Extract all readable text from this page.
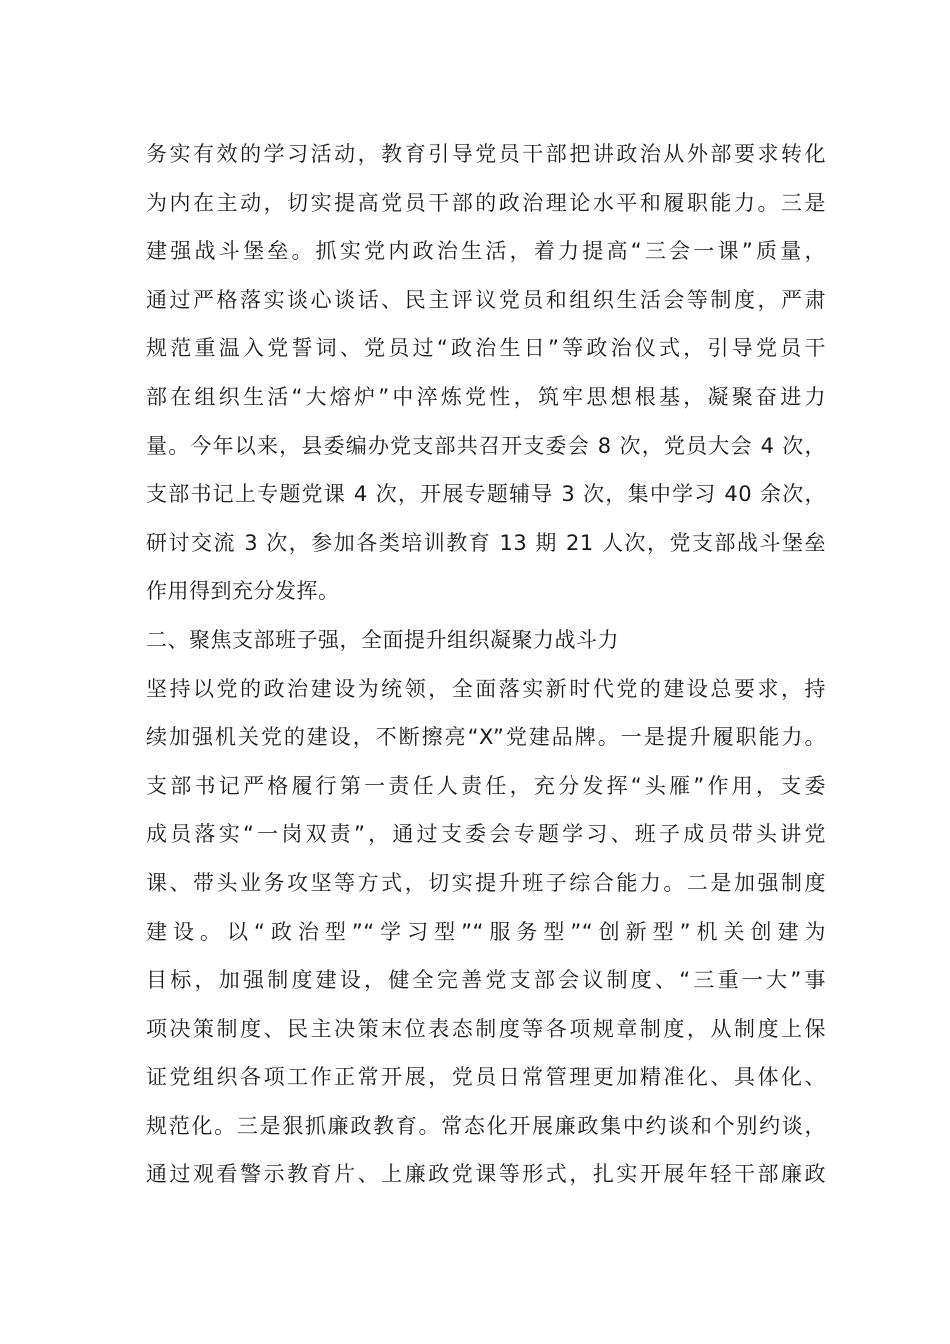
务实有效的学习活动，教育引导党员干部把讲政治从外部要求转化
为内在主动，切实提高党员干部的政治理论水平和履职能力。三是
建强战斗堡垒。抓实党内政治生活，着力提高“三会一课”质量，
通过严格落实谈心谈话、民主评议党员和组织生活会等制度，严肃
规范重温入党誓词、党员过“政治生日”等政治仪式，引导党员干
部在组织生活“大熔炉”中淬炼党性，筑牢思想根基，凝聚奋进力
量。今年以来，县委编办党支部共召开支委会 8 次，党员大会 4 次，
支部书记上专题党课 4 次，开展专题辅导 3 次，集中学习 40 余次，
研讨交流 3 次，参加各类培训教育 13 期 21 人次，党支部战斗堡垒
作用得到充分发挥。
二、聚焦支部班子强，全面提升组织凝聚力战斗力
坚持以党的政治建设为统领，全面落实新时代党的建设总要求，持
续加强机关党的建设，不断擦亮“X”党建品牌。一是提升履职能力。
支部书记严格履行第一责任人责任，充分发挥“头雁”作用，支委
成员落实“一岗双责”，通过支委会专题学习、班子成员带头讲党
课、带头业务攻坚等方式，切实提升班子综合能力。二是加强制度
建设。以“政治型”“学习型”“服务型”“创新型”机关创建为
目标，加强制度建设，健全完善党支部会议制度、“三重一大”事
项决策制度、民主决策末位表态制度等各项规章制度，从制度上保
证党组织各项工作正常开展，党员日常管理更加精准化、具体化、
规范化。三是狠抓廉政教育。常态化开展廉政集中约谈和个别约谈，
通过观看警示教育片、上廉政党课等形式，扎实开展年轻干部廉政
